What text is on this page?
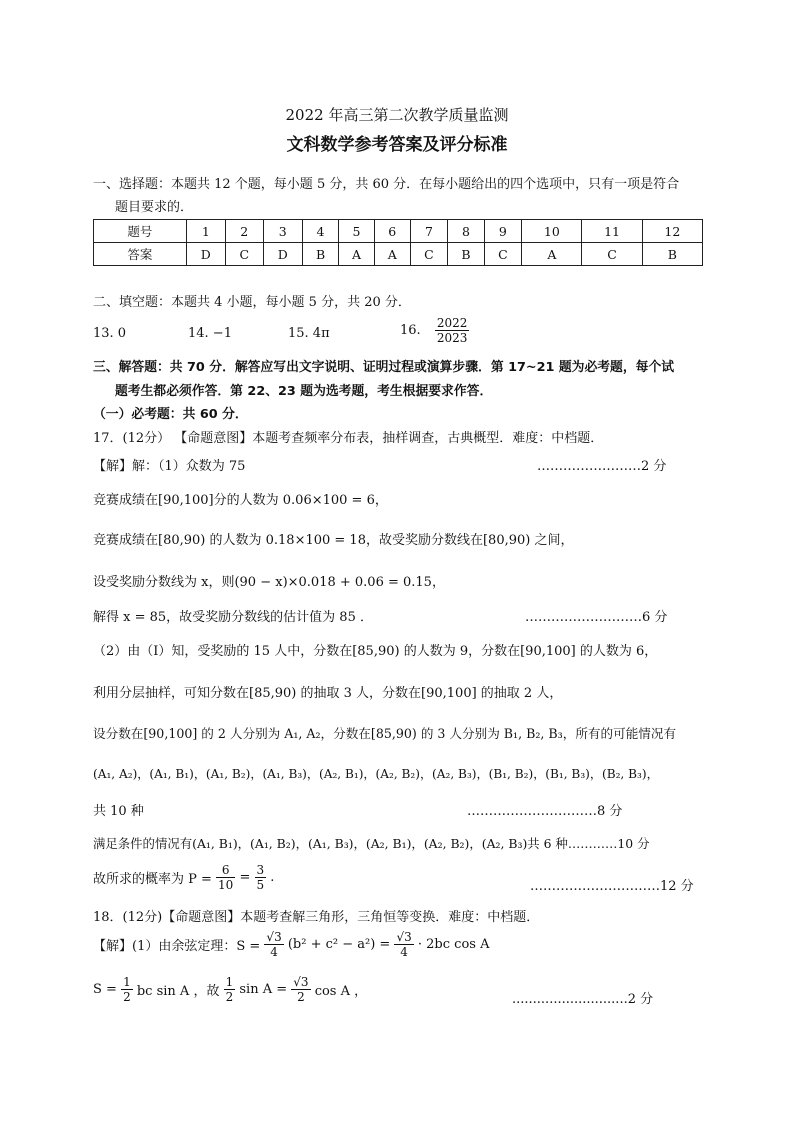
2022 年高三第二次教学质量监测
文科数学参考答案及评分标准
一、选择题：本题共 12 个题，每小题 5 分，共 60 分．在每小题给出的四个选项中，只有一项是符合
题目要求的．
题号	1	2	3	4	5	6	7	8	9	10	11	12
答案	D	C	D	B	A	A	C	B	C	A	C	B
二、填空题：本题共 4 小题，每小题 5 分，共 20 分．
13. 0	14. −1	15. 4π	16. $\frac{2022}{2023}$
三、解答题：共 70 分．解答应写出文字说明、证明过程或演算步骤．第 17~21 题为必考题，每个试
题考生都必须作答．第 22、23 题为选考题，考生根据要求作答．
（一）必考题：共 60 分．
17．(12分） 【命题意图】本题考查频率分布表，抽样调查，古典概型．难度：中档题．
【解】解：（1）众数为 75	……………………2 分
竞赛成绩在[90,100]分的人数为 0.06×100 = 6，
竞赛成绩在[80,90) 的人数为 0.18×100 = 18，故受奖励分数线在[80,90) 之间，
设受奖励分数线为 x，则(90 − x)×0.018 + 0.06 = 0.15，
解得 x = 85，故受奖励分数线的估计值为 85 ．	………………………6 分
（2）由（Ⅰ）知，受奖励的 15 人中，分数在[85,90) 的人数为 9，分数在[90,100] 的人数为 6，
利用分层抽样，可知分数在[85,90) 的抽取 3 人，分数在[90,100] 的抽取 2 人，
设分数在[90,100] 的 2 人分别为 A₁, A₂，分数在[85,90) 的 3 人分别为 B₁, B₂, B₃，所有的可能情况有
(A₁, A₂)，(A₁, B₁)，(A₁, B₂)，(A₁, B₃)，(A₂, B₁)，(A₂, B₂)，(A₂, B₃)，(B₁, B₂)，(B₁, B₃)，(B₂, B₃)，
共 10 种	…………………………8 分
满足条件的情况有(A₁, B₁)，(A₁, B₂)，(A₁, B₃)，(A₂, B₁)，(A₂, B₂)，(A₂, B₃)共 6 种…………10 分
故所求的概率为 $P = \frac{6}{10} = \frac{3}{5}$ .
…………………………12 分
18．(12分)【命题意图】本题考查解三角形，三角恒等变换．难度：中档题．
【解】(1）由余弦定理：$S = \frac{√3}{4} (b^2 + c^2 - a^2) = \frac{√3}{4} \cdot 2bc$ cos A
$S = \frac{1}{2}$ bc sin A ，故 $\frac{1}{2}$ $\sin A = \frac{√3}{2}$ cos A ，
............................2 分
